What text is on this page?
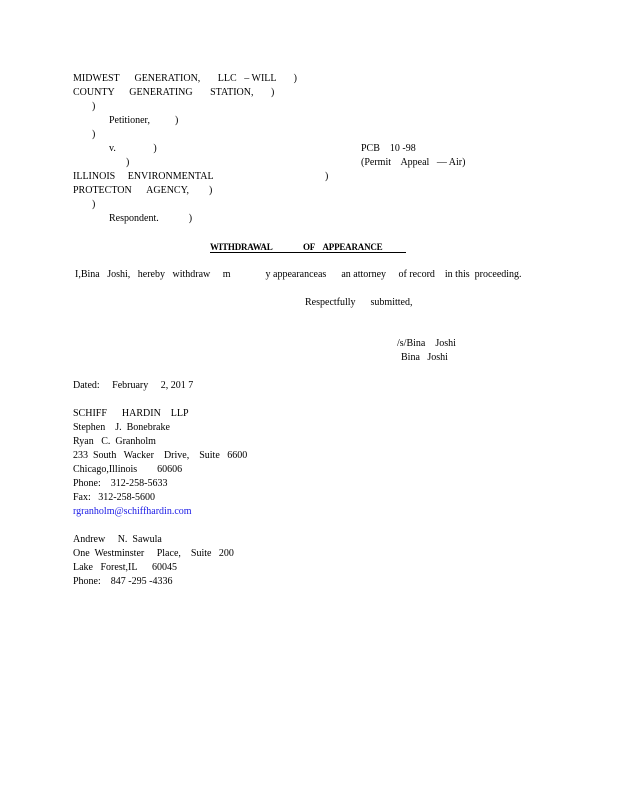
MIDWEST      GENERATION,       LLC   – WILL       )
COUNTY      GENERATING       STATION,       )
)
Petitioner,          )
)
v.               )	PCB    10 -98
)	(Permit    Appeal   — Air)
ILLINOIS     ENVIRONMENTAL	)
PROTECTON      AGENCY,        )
)
Respondent.            )
WITHDRAWAL	OF    APPEARANCE
I,Bina   Joshi,   hereby   withdraw     m              y appearanceas      an attorney     of record    in this  proceeding.
Respectfully      submitted,
/s/Bina    Joshi
Bina   Joshi
Dated:     February     2, 201 7
SCHIFF      HARDIN    LLP
Stephen    J.  Bonebrake
Ryan   C.  Granholm
233  South   Wacker    Drive,    Suite   6600
Chicago,Illinois        60606
Phone:    312-258-5633
Fax:   312-258-5600
rgranholm@schiffhardin.com
Andrew     N.  Sawula
One  Westminster     Place,    Suite   200
Lake   Forest,IL      60045
Phone:    847 -295 -4336
